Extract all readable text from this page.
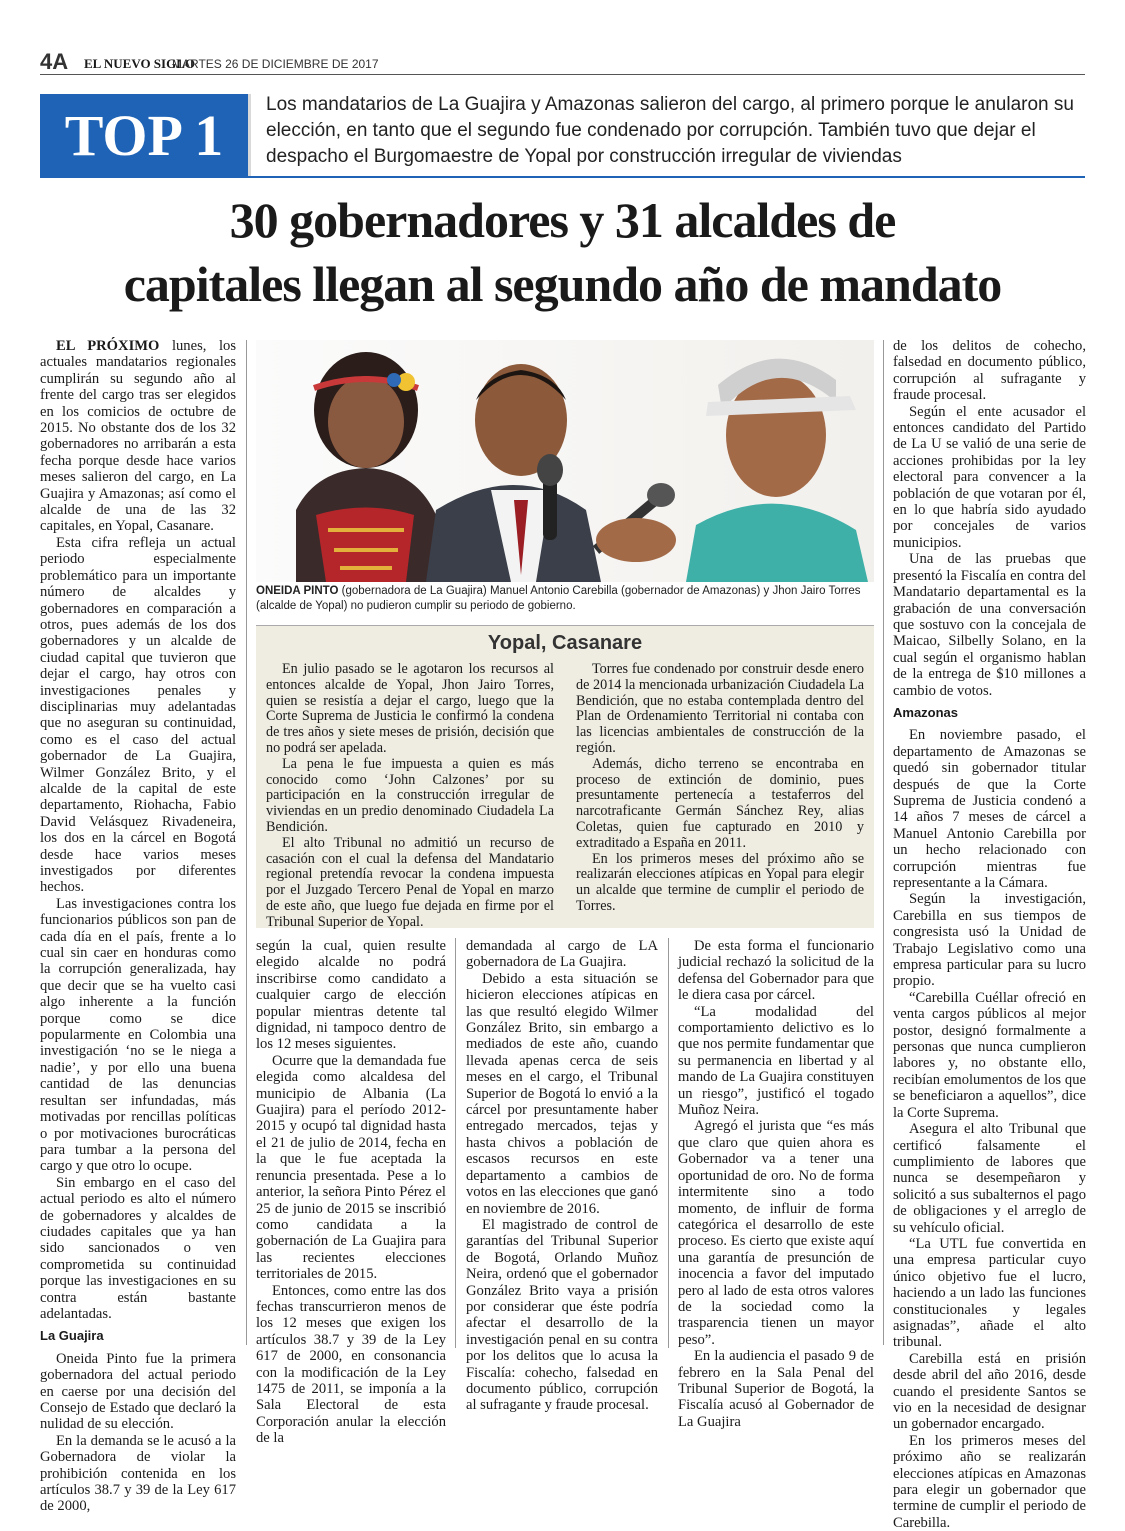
4A EL NUEVO SIGLO
MARTES 26 DE DICIEMBRE DE 2017
TOP 1	Los mandatarios de La Guajira y Amazonas salieron del cargo, al primero porque le anularon su elección, en tanto que el segundo fue condenado por corrupción. También tuvo que dejar el despacho el Burgomaestre de Yopal por construcción irregular de viviendas
30 gobernadores y 31 alcaldes de
capitales llegan al segundo año de mandato

EL PRÓXIMO lunes, los actuales mandatarios regionales cumplirán su segundo año al frente del cargo tras ser elegidos en los comicios de octubre de 2015. No obstante dos de los 32 gobernadores no arribarán a esta fecha porque desde hace varios meses salieron del cargo, en La Guajira y Amazonas; así como el alcalde de una de las 32 capitales, en Yopal, Casanare.

Esta cifra refleja un actual periodo especialmente problemático para un importante número de alcaldes y gobernadores en comparación a otros, pues además de los dos gobernadores y un alcalde de ciudad capital que tuvieron que dejar el cargo, hay otros con investigaciones penales y disciplinarias muy adelantadas que no aseguran su continuidad, como es el caso del actual gobernador de La Guajira, Wilmer González Brito, y el alcalde de la capital de este departamento, Riohacha, Fabio David Velásquez Rivadeneira, los dos en la cárcel en Bogotá desde hace varios meses investigados por diferentes hechos.

Las investigaciones contra los funcionarios públicos son pan de cada día en el país, frente a lo cual sin caer en honduras como la corrupción generalizada, hay que decir que se ha vuelto casi algo inherente a la función porque como se dice popularmente en Colombia una investigación ‘no se le niega a nadie’, y por ello una buena cantidad de las denuncias resultan ser infundadas, más motivadas por rencillas políticas o por motivaciones burocráticas para tumbar a la persona del cargo y que otro lo ocupe.

Sin embargo en el caso del actual periodo es alto el número de gobernadores y alcaldes de ciudades capitales que ya han sido sancionados o ven comprometida su continuidad porque las investigaciones en su contra están bastante adelantadas.

La Guajira

Oneida Pinto fue la primera gobernadora del actual periodo en caerse por una decisión del Consejo de Estado que declaró la nulidad de su elección.

En la demanda se le acusó a la Gobernadora de violar la prohibición contenida en los artículos 38.7 y 39 de la Ley 617 de 2000,

ONEIDA PINTO (gobernadora de La Guajira) Manuel Antonio Carebilla (gobernador de Amazonas) y Jhon Jairo Torres (alcalde de Yopal) no pudieron cumplir su periodo de gobierno.
Yopal, Casanare

En julio pasado se le agotaron los recursos al entonces alcalde de Yopal, Jhon Jairo Torres, quien se resistía a dejar el cargo, luego que la Corte Suprema de Justicia le confirmó la condena de tres años y siete meses de prisión, decisión que no podrá ser apelada.

La pena le fue impuesta a quien es más conocido como ‘John Calzones’ por su participación en la construcción irregular de viviendas en un predio denominado Ciudadela La Bendición.

El alto Tribunal no admitió un recurso de casación con el cual la defensa del Mandatario regional pretendía revocar la condena impuesta por el Juzgado Tercero Penal de Yopal en marzo de este año, que luego fue dejada en firme por el Tribunal Superior de Yopal.

Torres fue condenado por construir desde enero de 2014 la mencionada urbanización Ciudadela La Bendición, que no estaba contemplada dentro del Plan de Ordenamiento Territorial ni contaba con las licencias ambientales de construcción de la región.

Además, dicho terreno se encontraba en proceso de extinción de dominio, pues presuntamente pertenecía a testaferros del narcotraficante Germán Sánchez Rey, alias Coletas, quien fue capturado en 2010 y extraditado a España en 2011.

En los primeros meses del próximo año se realizarán elecciones atípicas en Yopal para elegir un alcalde que termine de cumplir el periodo de Torres.

según la cual, quien resulte elegido alcalde no podrá inscribirse como candidato a cualquier cargo de elección popular mientras detente tal dignidad, ni tampoco dentro de los 12 meses siguientes.

Ocurre que la demandada fue elegida como alcaldesa del municipio de Albania (La Guajira) para el período 2012-2015 y ocupó tal dignidad hasta el 21 de julio de 2014, fecha en la que le fue aceptada la renuncia presentada. Pese a lo anterior, la señora Pinto Pérez el 25 de junio de 2015 se inscribió como candidata a la gobernación de La Guajira para las recientes elecciones territoriales de 2015.

Entonces, como entre las dos fechas transcurrieron menos de los 12 meses que exigen los artículos 38.7 y 39 de la Ley 617 de 2000, en consonancia con la modificación de la Ley 1475 de 2011, se imponía a la Sala Electoral de esta Corporación anular la elección de la

demandada al cargo de LA gobernadora de La Guajira.

Debido a esta situación se hicieron elecciones atípicas en las que resultó elegido Wilmer González Brito, sin embargo a mediados de este año, cuando llevada apenas cerca de seis meses en el cargo, el Tribunal Superior de Bogotá lo envió a la cárcel por presuntamente haber entregado mercados, tejas y hasta chivos a población de escasos recursos en este departamento a cambios de votos en las elecciones que ganó en noviembre de 2016.

El magistrado de control de garantías del Tribunal Superior de Bogotá, Orlando Muñoz Neira, ordenó que el gobernador González Brito vaya a prisión por considerar que éste podría afectar el desarrollo de la investigación penal en su contra por los delitos que lo acusa la Fiscalía: cohecho, falsedad en documento público, corrupción al sufragante y fraude procesal.

De esta forma el funcionario judicial rechazó la solicitud de la defensa del Gobernador para que le diera casa por cárcel.

“La modalidad del comportamiento delictivo es lo que nos permite fundamentar que su permanencia en libertad y al mando de La Guajira constituyen un riesgo”, justificó el togado Muñoz Neira.

Agregó el jurista que “es más que claro que quien ahora es Gobernador va a tener una oportunidad de oro. No de forma intermitente sino a todo momento, de influir de forma categórica el desarrollo de este proceso. Es cierto que existe aquí una garantía de presunción de inocencia a favor del imputado pero al lado de esta otros valores de la sociedad como la trasparencia tienen un mayor peso”.

En la audiencia el pasado 9 de febrero en la Sala Penal del Tribunal Superior de Bogotá, la Fiscalía acusó al Gobernador de La Guajira

de los delitos de cohecho, falsedad en documento público, corrupción al sufragante y fraude procesal.

Según el ente acusador el entonces candidato del Partido de La U se valió de una serie de acciones prohibidas por la ley electoral para convencer a la población de que votaran por él, en lo que habría sido ayudado por concejales de varios municipios.

Una de las pruebas que presentó la Fiscalía en contra del Mandatario departamental es la grabación de una conversación que sostuvo con la concejala de Maicao, Silbelly Solano, en la cual según el organismo hablan de la entrega de $10 millones a cambio de votos.

Amazonas

En noviembre pasado, el departamento de Amazonas se quedó sin gobernador titular después de que la Corte Suprema de Justicia condenó a 14 años 7 meses de cárcel a Manuel Antonio Carebilla por un hecho relacionado con corrupción mientras fue representante a la Cámara.

Según la investigación, Carebilla en sus tiempos de congresista usó la Unidad de Trabajo Legislativo como una empresa particular para su lucro propio.

“Carebilla Cuéllar ofreció en venta cargos públicos al mejor postor, designó formalmente a personas que nunca cumplieron labores y, no obstante ello, recibían emolumentos de los que se beneficiaron a aquellos”, dice la Corte Suprema.

Asegura el alto Tribunal que certificó falsamente el cumplimiento de labores que nunca se desempeñaron y solicitó a sus subalternos el pago de obligaciones y el arreglo de su vehículo oficial.

“La UTL fue convertida en una empresa particular cuyo único objetivo fue el lucro, haciendo a un lado las funciones constitucionales y legales asignadas”, añade el alto tribunal.

Carebilla está en prisión desde abril del año 2016, desde cuando el presidente Santos se vio en la necesidad de designar un gobernador encargado.

En los primeros meses del próximo año se realizarán elecciones atípicas en Amazonas para elegir un gobernador que termine de cumplir el periodo de Carebilla.
